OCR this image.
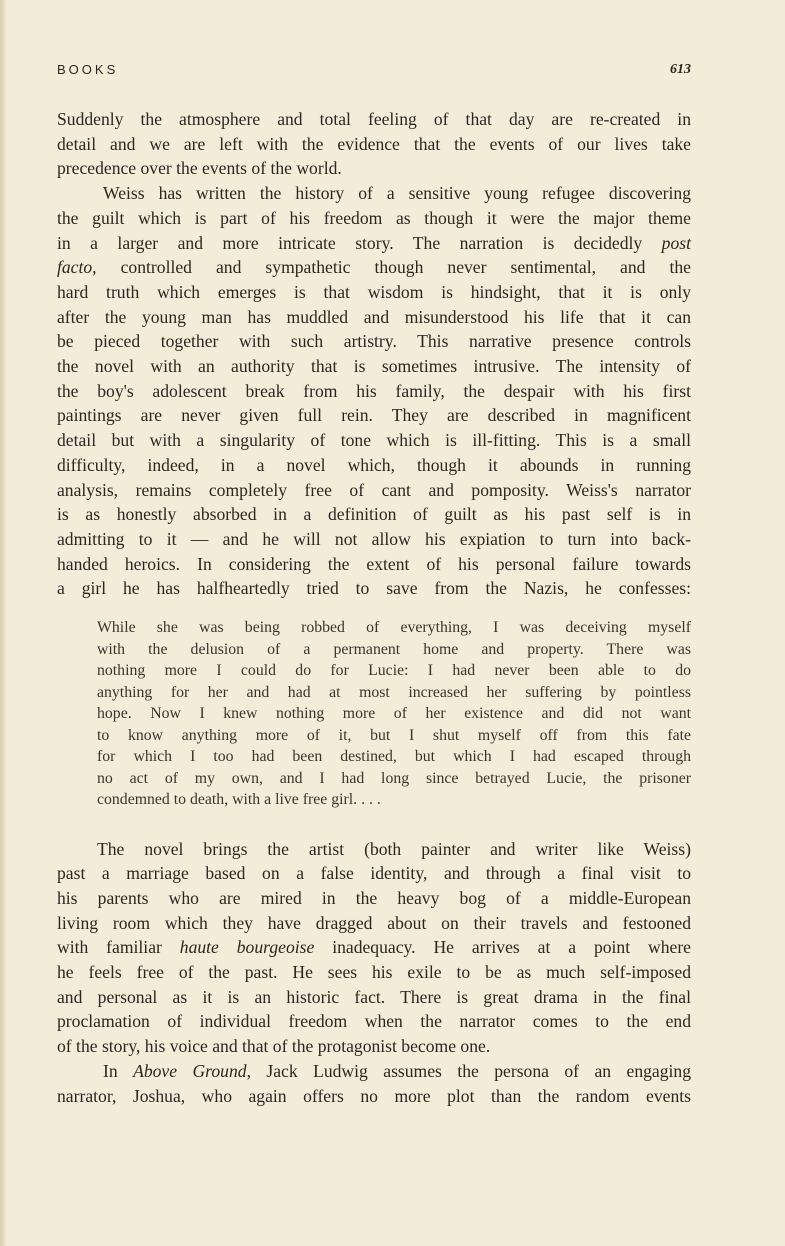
BOOKS	613

Suddenly the atmosphere and total feeling of that day are re-created in
detail and we are left with the evidence that the events of our lives take
precedence over the events of the world.

Weiss has written the history of a sensitive young refugee discovering
the guilt which is part of his freedom as though it were the major theme
in a larger and more intricate story. The narration is decidedly post
facto, controlled and sympathetic though never sentimental, and the
hard truth which emerges is that wisdom is hindsight, that it is only
after the young man has muddled and misunderstood his life that it can
be pieced together with such artistry. This narrative presence controls
the novel with an authority that is sometimes intrusive. The intensity of
the boy's adolescent break from his family, the despair with his first
paintings are never given full rein. They are described in magnificent
detail but with a singularity of tone which is ill-fitting. This is a small
difficulty, indeed, in a novel which, though it abounds in running
analysis, remains completely free of cant and pomposity. Weiss's narrator
is as honestly absorbed in a definition of guilt as his past self is in
admitting to it — and he will not allow his expiation to turn into back-
handed heroics. In considering the extent of his personal failure towards
a girl he has halfheartedly tried to save from the Nazis, he confesses:

While she was being robbed of everything, I was deceiving myself
with the delusion of a permanent home and property. There was
nothing more I could do for Lucie: I had never been able to do
anything for her and had at most increased her suffering by pointless
hope. Now I knew nothing more of her existence and did not want
to know anything more of it, but I shut myself off from this fate
for which I too had been destined, but which I had escaped through
no act of my own, and I had long since betrayed Lucie, the prisoner
condemned to death, with a live free girl. . . .

The novel brings the artist (both painter and writer like Weiss)
past a marriage based on a false identity, and through a final visit to
his parents who are mired in the heavy bog of a middle-European
living room which they have dragged about on their travels and festooned
with familiar haute bourgeoise inadequacy. He arrives at a point where
he feels free of the past. He sees his exile to be as much self-imposed
and personal as it is an historic fact. There is great drama in the final
proclamation of individual freedom when the narrator comes to the end
of the story, his voice and that of the protagonist become one.

In Above Ground, Jack Ludwig assumes the persona of an engaging
narrator, Joshua, who again offers no more plot than the random events
